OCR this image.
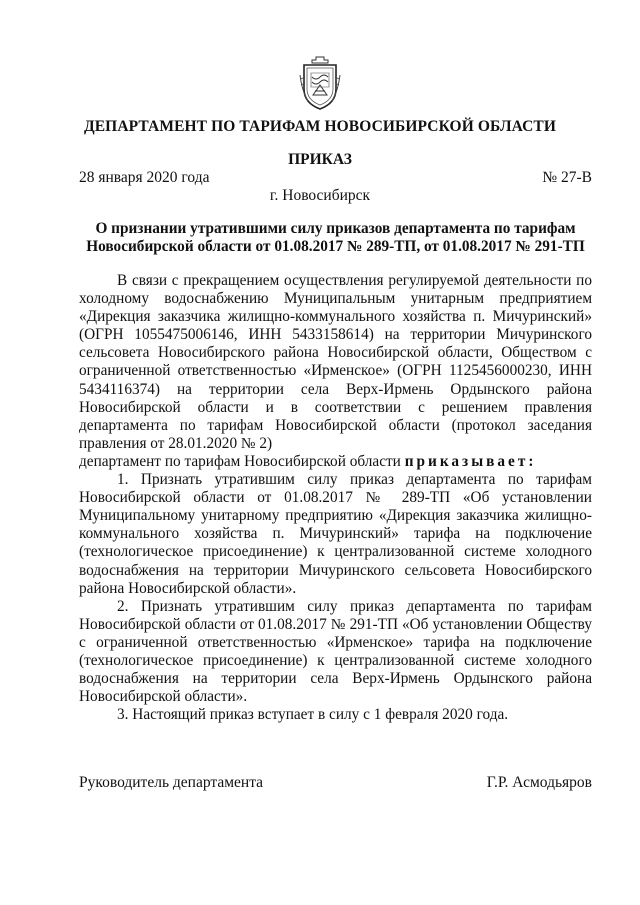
ДЕПАРТАМЕНТ ПО ТАРИФАМ НОВОСИБИРСКОЙ ОБЛАСТИ
ПРИКАЗ
28 января 2020 года	№ 27-В
г. Новосибирск
О признании утратившими силу приказов департамента по тарифам
Новосибирской области от 01.08.2017 № 289-ТП, от 01.08.2017 № 291-ТП

В связи с прекращением осуществления регулируемой деятельности по холодному водоснабжению Муниципальным унитарным предприятием «Дирекция заказчика жилищно-коммунального хозяйства п. Мичуринский» (ОГРН 1055475006146, ИНН 5433158614) на территории Мичуринского сельсовета Новосибирского района Новосибирской области, Обществом с ограниченной ответственностью «Ирменское» (ОГРН 1125456000230, ИНН 5434116374) на территории села Верх-Ирмень Ордынского района Новосибирской области и в соответствии с решением правления департамента по тарифам Новосибирской области (протокол заседания правления от 28.01.2020 № 2)

департамент по тарифам Новосибирской области приказывает:

1. Признать утратившим силу приказ департамента по тарифам Новосибирской области от 01.08.2017 № 289-ТП «Об установлении Муниципальному унитарному предприятию «Дирекция заказчика жилищно-коммунального хозяйства п. Мичуринский» тарифа на подключение (технологическое присоединение) к централизованной системе холодного водоснабжения на территории Мичуринского сельсовета Новосибирского района Новосибирской области».

2. Признать утратившим силу приказ департамента по тарифам Новосибирской области от 01.08.2017 № 291-ТП «Об установлении Обществу с ограниченной ответственностью «Ирменское» тарифа на подключение (технологическое присоединение) к централизованной системе холодного водоснабжения на территории села Верх-Ирмень Ордынского района Новосибирской области».

3. Настоящий приказ вступает в силу с 1 февраля 2020 года.

Руководитель департамента	Г.Р. Асмодьяров
